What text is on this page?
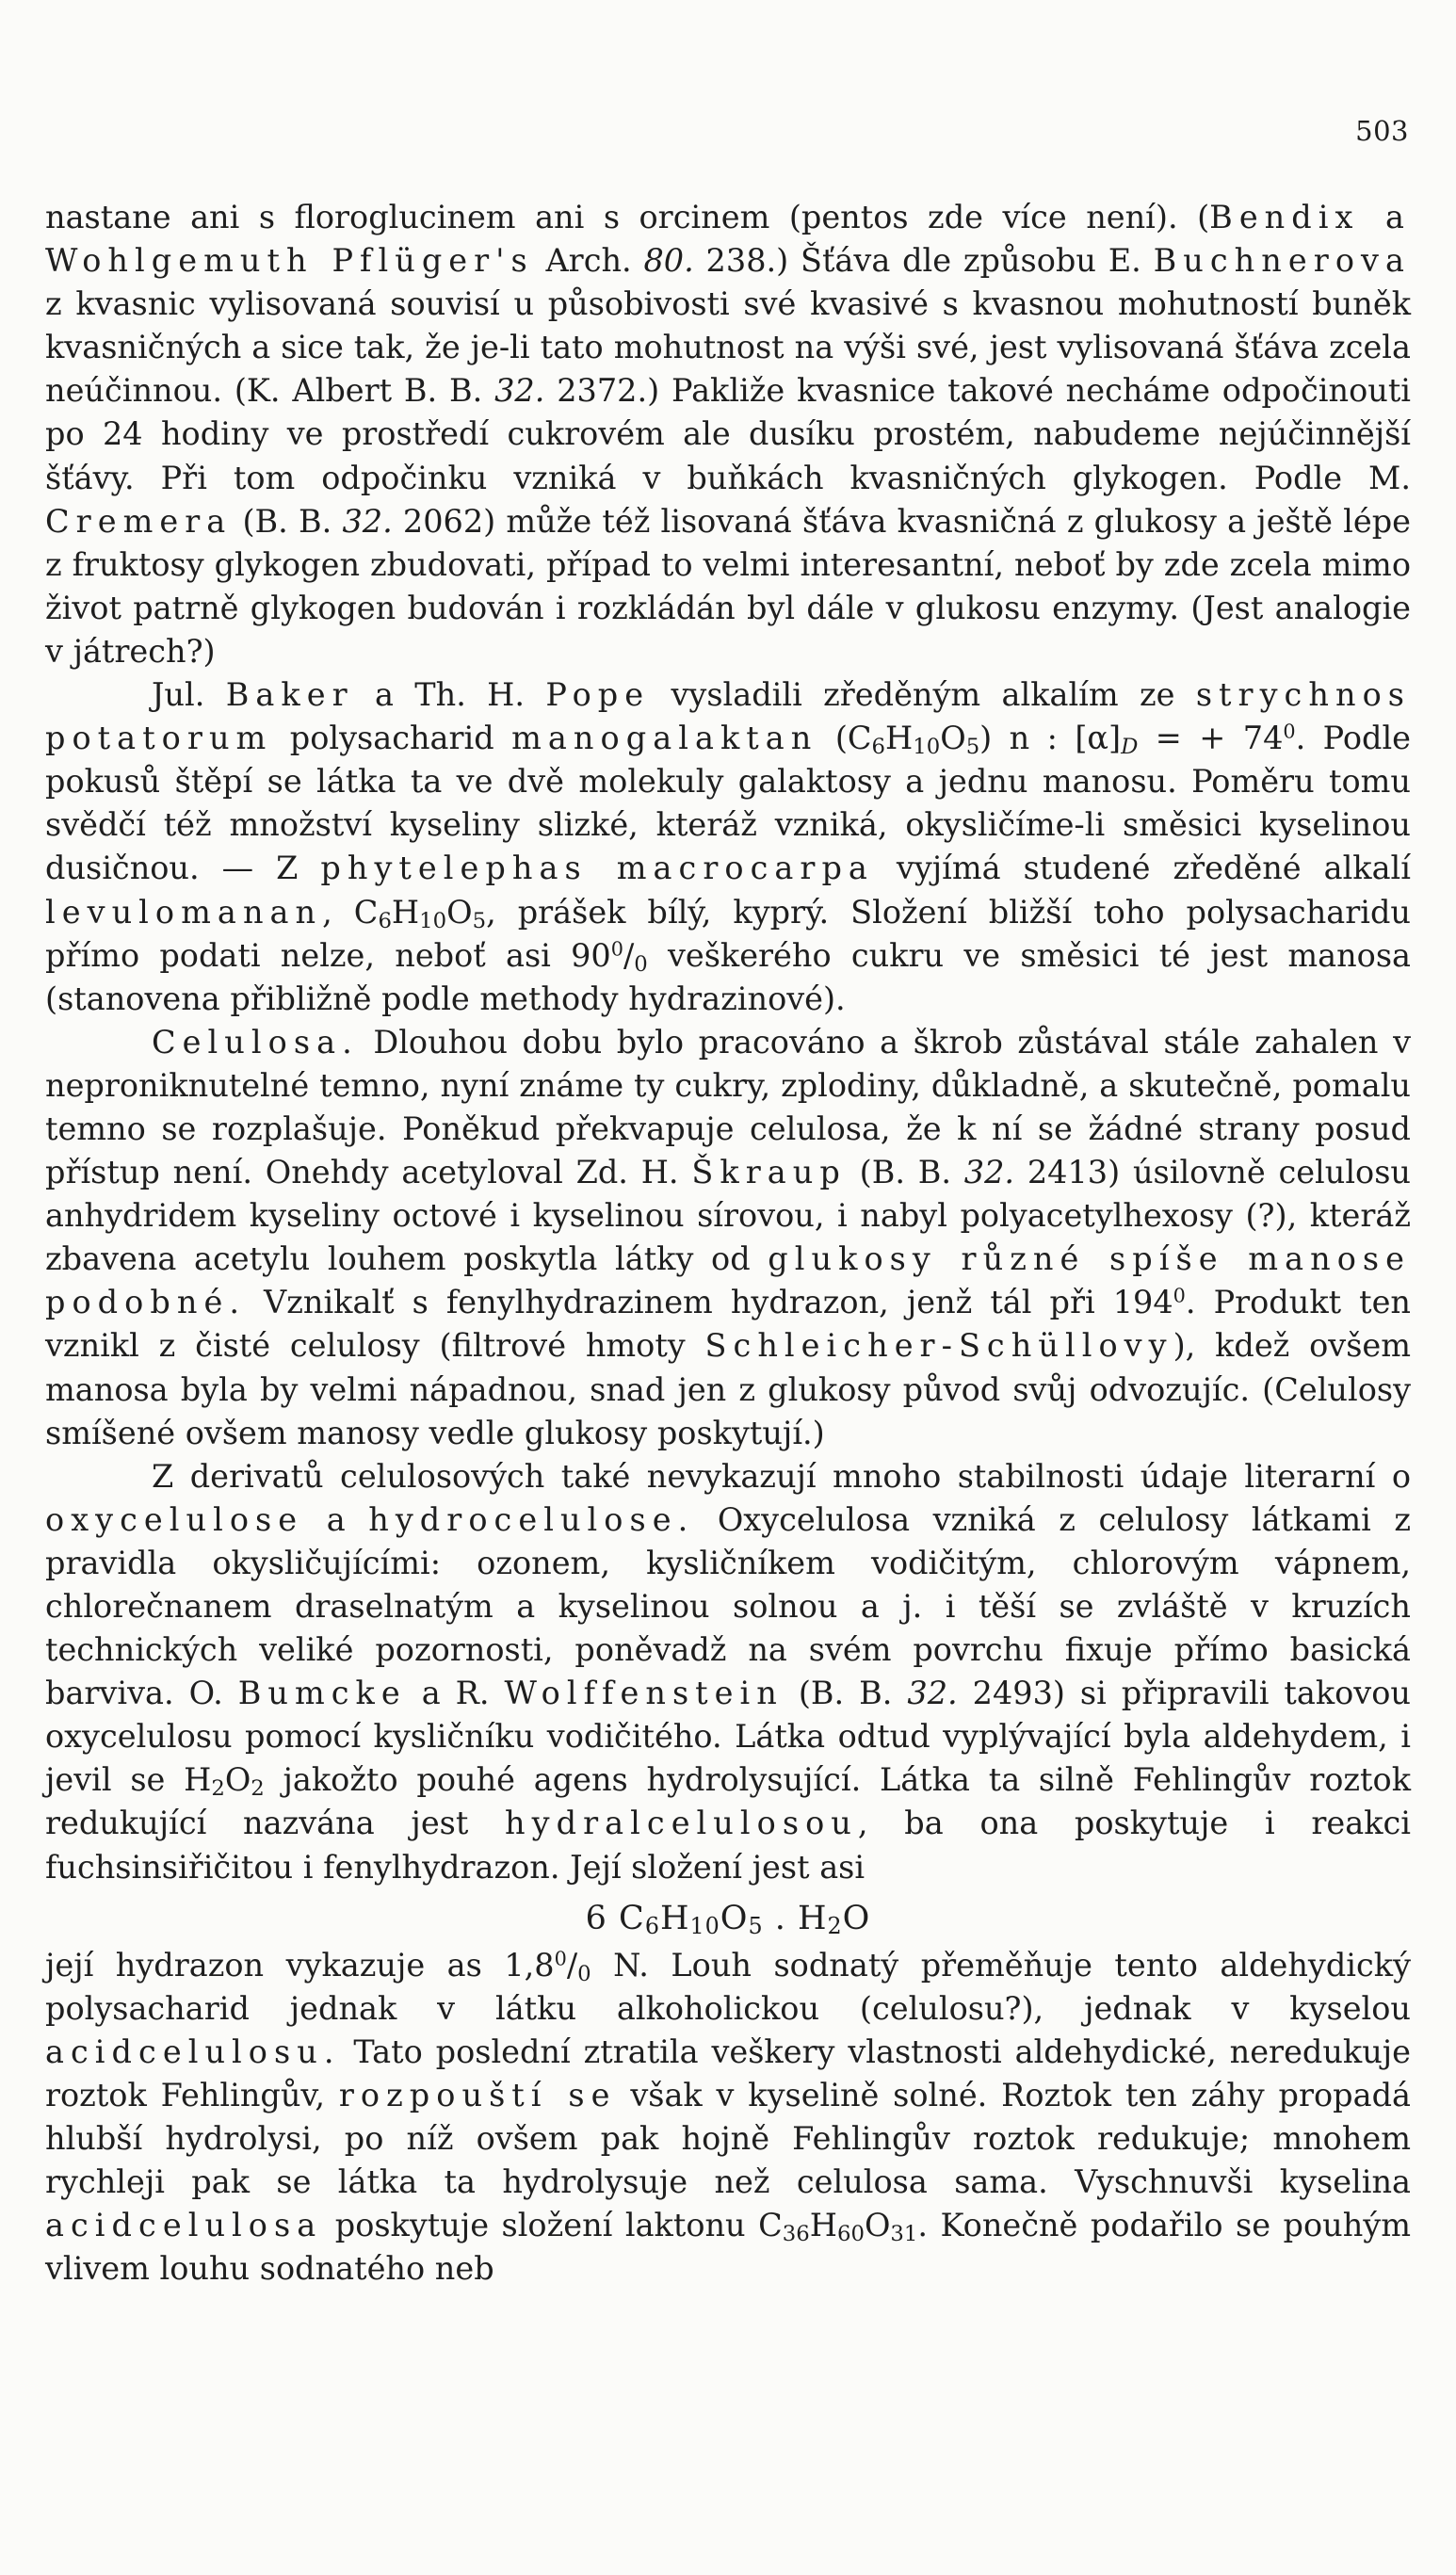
503

nastane ani s floroglucinem ani s orcinem (pentos zde více není). (Bendix a Wohlgemuth Pflüger's Arch. 80. 238.) Šťáva dle způsobu E. Buchnerova z kvasnic vylisovaná souvisí u působivosti své kvasivé s kvasnou mohutností buněk kvasničných a sice tak, že je-li tato mohutnost na výši své, jest vylisovaná šťáva zcela neúčinnou. (K. Albert B. B. 32. 2372.) Pakliže kvasnice takové necháme odpočinouti po 24 hodiny ve prostředí cukrovém ale dusíku prostém, nabudeme nejúčinnější šťávy. Při tom odpočinku vzniká v buňkách kvasničných glykogen. Podle M. Cremera (B. B. 32. 2062) může též lisovaná šťáva kvasničná z glukosy a ještě lépe z fruktosy glykogen zbudovati, případ to velmi interesantní, neboť by zde zcela mimo život patrně glykogen budován i rozkládán byl dále v glukosu enzymy. (Jest analogie v játrech?)

Jul. Baker a Th. H. Pope vysladili zředěným alkalím ze strychnos potatorum polysacharid manogalaktan $(C_6H_{10}O_5)$ n : $[\alpha]_D$ = + $74^0$. Podle pokusů štěpí se látka ta ve dvě molekuly galaktosy a jednu manosu. Poměru tomu svědčí též množství kyseliny slizké, kteráž vzniká, okysličíme-li směsici kyselinou dusičnou. — Z phytelephas macrocarpa vyjímá studené zředěné alkalí levulomanan, $C_6H_{10}O_5$, prášek bílý, kyprý. Složení bližší toho polysacharidu přímo podati nelze, neboť asi $90^0/_0$ veškerého cukru ve směsici té jest manosa (stanovena přibližně podle methody hydrazinové).

Celulosa. Dlouhou dobu bylo pracováno a škrob zůstával stále zahalen v neproniknutelné temno, nyní známe ty cukry, zplodiny, důkladně, a skutečně, pomalu temno se rozplašuje. Poněkud překvapuje celulosa, že k ní se žádné strany posud přístup není. Onehdy acetyloval Zd. H. Škraup (B. B. 32. 2413) úsilovně celulosu anhydridem kyseliny octové i kyselinou sírovou, i nabyl polyacetylhexosy (?), kteráž zbavena acetylu louhem poskytla látky od glukosy různé spíše manose podobné. Vznikalť s fenylhydrazinem hydrazon, jenž tál při $194^0$. Produkt ten vznikl z čisté celulosy (filtrové hmoty Schleicher-Schüllovy), kdež ovšem manosa byla by velmi nápadnou, snad jen z glukosy původ svůj odvozujíc. (Celulosy smíšené ovšem manosy vedle glukosy poskytují.)

Z derivatů celulosových také nevykazují mnoho stabilnosti údaje literarní o oxycelulose a hydrocelulose. Oxycelulosa vzniká z celulosy látkami z pravidla okysličujícími: ozonem, kysličníkem vodičitým, chlorovým vápnem, chlorečnanem draselnatým a kyselinou solnou a j. i těší se zvláště v kruzích technických veliké pozornosti, poněvadž na svém povrchu fixuje přímo basická barviva. O. Bumcke a R. Wolffenstein (B. B. 32. 2493) si připravili takovou oxycelulosu pomocí kysličníku vodičitého. Látka odtud vyplývající byla aldehydem, i jevil se $H_2O_2$ jakožto pouhé agens hydrolysující. Látka ta silně Fehlingův roztok redukující nazvána jest hydralcelulosou, ba ona poskytuje i reakci fuchsinsiřičitou i fenylhydrazon. Její složení jest asi

6 $C_6H_{10}O_5$ . $H_2O$

její hydrazon vykazuje as $1,8^0/_0$ N. Louh sodnatý přeměňuje tento aldehydický polysacharid jednak v látku alkoholickou (celulosu?), jednak v kyselou acidcelulosu. Tato poslední ztratila veškery vlastnosti aldehydické, neredukuje roztok Fehlingův, rozpouští se však v kyselině solné. Roztok ten záhy propadá hlubší hydrolysi, po níž ovšem pak hojně Fehlingův roztok redukuje; mnohem rychleji pak se látka ta hydrolysuje než celulosa sama. Vyschnuvši kyselina acidcelulosa poskytuje složení laktonu $C_{36}H_{60}O_{31}$. Konečně podařilo se pouhým vlivem louhu sodnatého neb
